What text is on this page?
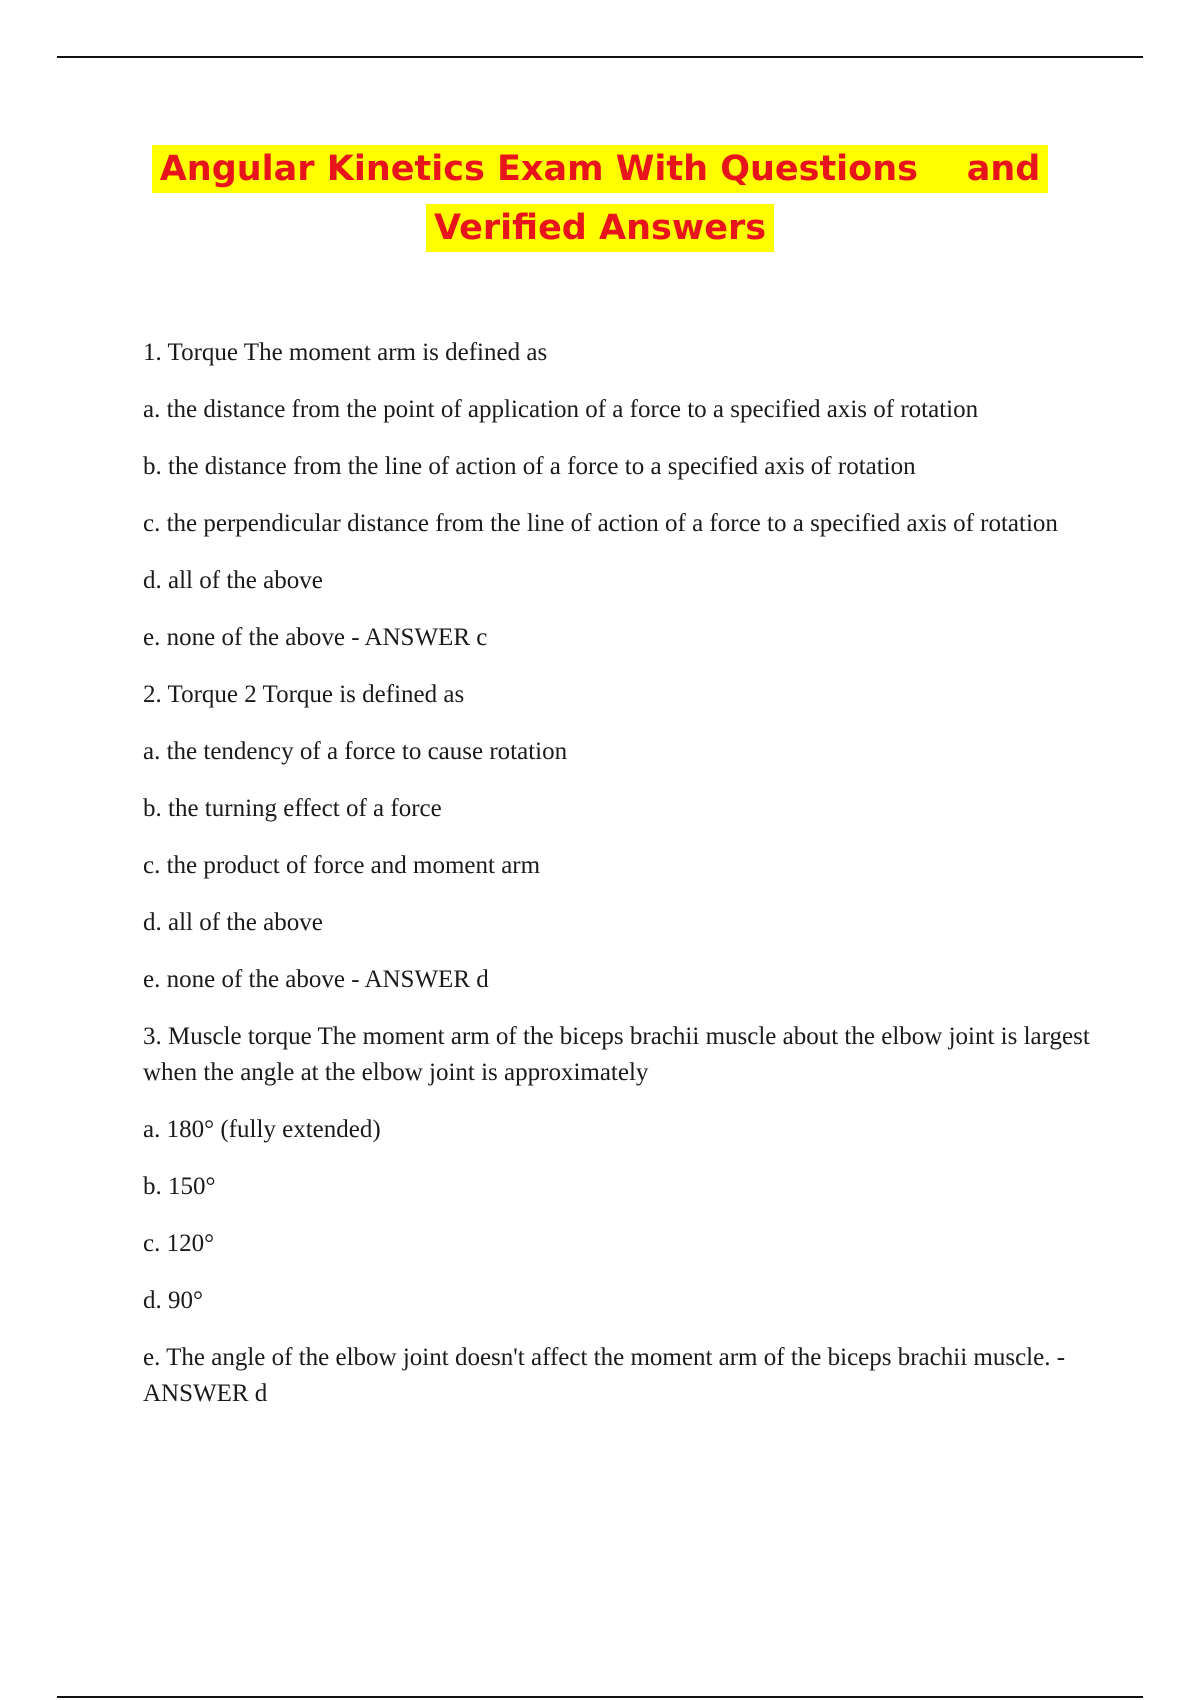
Angular Kinetics Exam With Questions    and
Verified Answers

1. Torque The moment arm is defined as

a. the distance from the point of application of a force to a specified axis of rotation

b. the distance from the line of action of a force to a specified axis of rotation

c. the perpendicular distance from the line of action of a force to a specified axis of rotation

d. all of the above

e. none of the above - ANSWER c

2. Torque 2 Torque is defined as

a. the tendency of a force to cause rotation

b. the turning effect of a force

c. the product of force and moment arm

d. all of the above

e. none of the above - ANSWER d

3. Muscle torque The moment arm of the biceps brachii muscle about the elbow joint is largest when the angle at the elbow joint is approximately

a. 180° (fully extended)

b. 150°

c. 120°

d. 90°

e. The angle of the elbow joint doesn't affect the moment arm of the biceps brachii muscle. - ANSWER d
